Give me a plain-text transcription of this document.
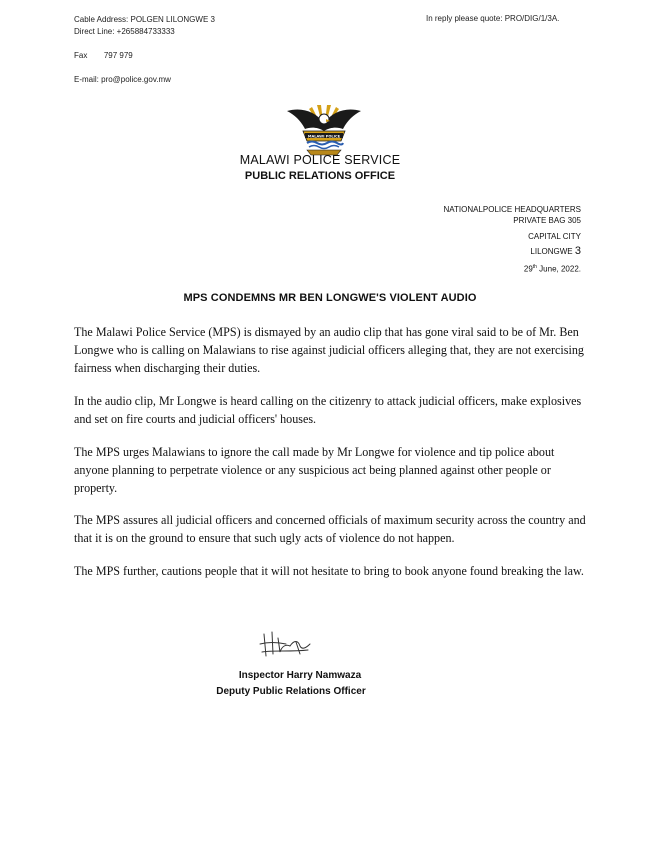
Cable Address: POLGEN LILONGWE 3
Direct Line: +265884733333
Fax 797 979
E-mail: pro@police.gov.mw
In reply please quote: PRO/DIG/1/3A.
MALAWI POLICE
MALAWI POLICE SERVICE
PUBLIC RELATIONS OFFICE
NATIONALPOLICE HEADQUARTERS
PRIVATE BAG 305
CAPITAL CITY
LILONGWE 3
29th June, 2022.
MPS CONDEMNS MR BEN LONGWE'S VIOLENT AUDIO

The Malawi Police Service (MPS) is dismayed by an audio clip that has gone viral said to be of Mr. Ben Longwe who is calling on Malawians to rise against judicial officers alleging that, they are not exercising fairness when discharging their duties.

In the audio clip, Mr Longwe is heard calling on the citizenry to attack judicial officers, make explosives and set on fire courts and judicial officers' houses.

The MPS urges Malawians to ignore the call made by Mr Longwe for violence and tip police about anyone planning to perpetrate violence or any suspicious act being planned against other people or property.

The MPS assures all judicial officers and concerned officials of maximum security across the country and that it is on the ground to ensure that such ugly acts of violence do not happen.

The MPS further, cautions people that it will not hesitate to bring to book anyone found breaking the law.

Inspector Harry Namwaza
Deputy Public Relations Officer
